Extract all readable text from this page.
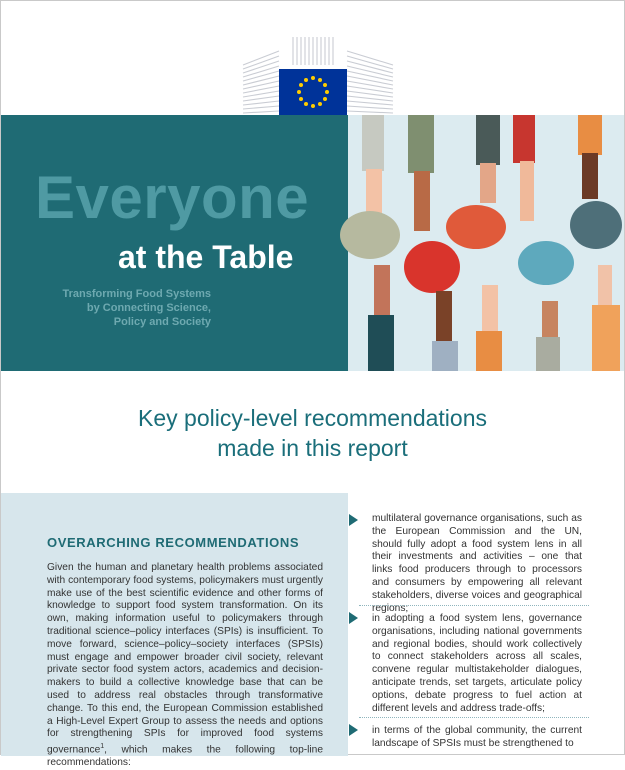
Everyone
at the Table
Transforming Food Systems
by Connecting Science,
Policy and Society
Key policy-level recommendations
made in this report
OVERARCHING RECOMMENDATIONS
Given the human and planetary health problems associated with contemporary food systems, policymakers must urgently make use of the best scientific evidence and other forms of knowledge to support food system transformation. On its own, making information useful to policymakers through traditional science–policy interfaces (SPIs) is insufficient. To move forward, science–policy–society interfaces (SPSIs) must engage and empower broader civil society, relevant private sector food system actors, academics and decision-makers to build a collective knowledge base that can be used to address real obstacles through transformative change. To this end, the European Commission established a High-Level Expert Group to assess the needs and options for strengthening SPIs for improved food systems governance$^1$, which makes the following top-line recommendations:
multilateral governance organisations, such as the European Commission and the UN, should fully adopt a food system lens in all their investments and activities – one that links food producers through to processors and consumers by empowering all relevant stakeholders, diverse voices and geographical regions;
in adopting a food system lens, governance organisations, including national governments and regional bodies, should work collectively to connect stakeholders across all scales, convene regular multistakeholder dialogues, anticipate trends, set targets, articulate policy options, debate progress to fuel action at different levels and address trade-offs;
in terms of the global community, the current landscape of SPSIs must be strengthened to
